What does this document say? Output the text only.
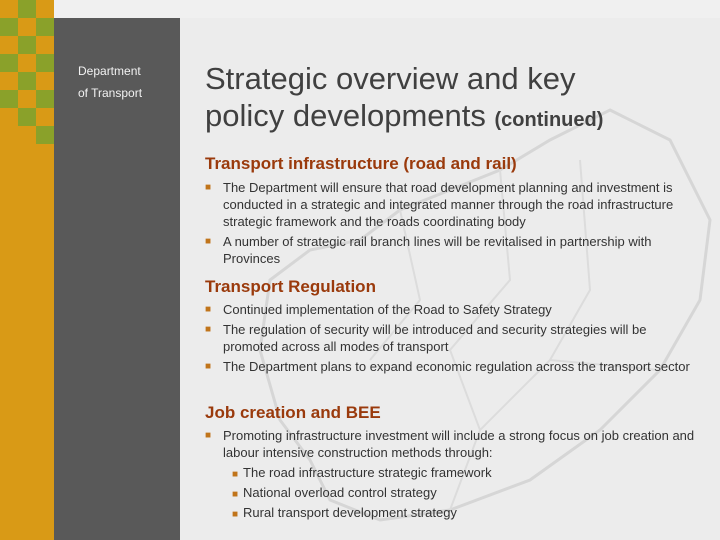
Department
of Transport Strategic overview and key
policy developments (continued)
Transport infrastructure (road and rail)
■ The Department will ensure that road development planning and investment is conducted in a strategic and integrated manner through the road infrastructure strategic framework and the roads coordinating body
■ A number of strategic rail branch lines will be revitalised in partnership with Provinces
Transport Regulation
■ Continued implementation of the Road to Safety Strategy
■ The regulation of security will be introduced and security strategies will be promoted across all modes of transport
■ The Department plans to expand economic regulation across the transport sector
Job creation and BEE
■ Promoting infrastructure investment will include a strong focus on job creation and labour intensive construction methods through:
■ The road infrastructure strategic framework
■ National overload control strategy
■ Rural transport development strategy
